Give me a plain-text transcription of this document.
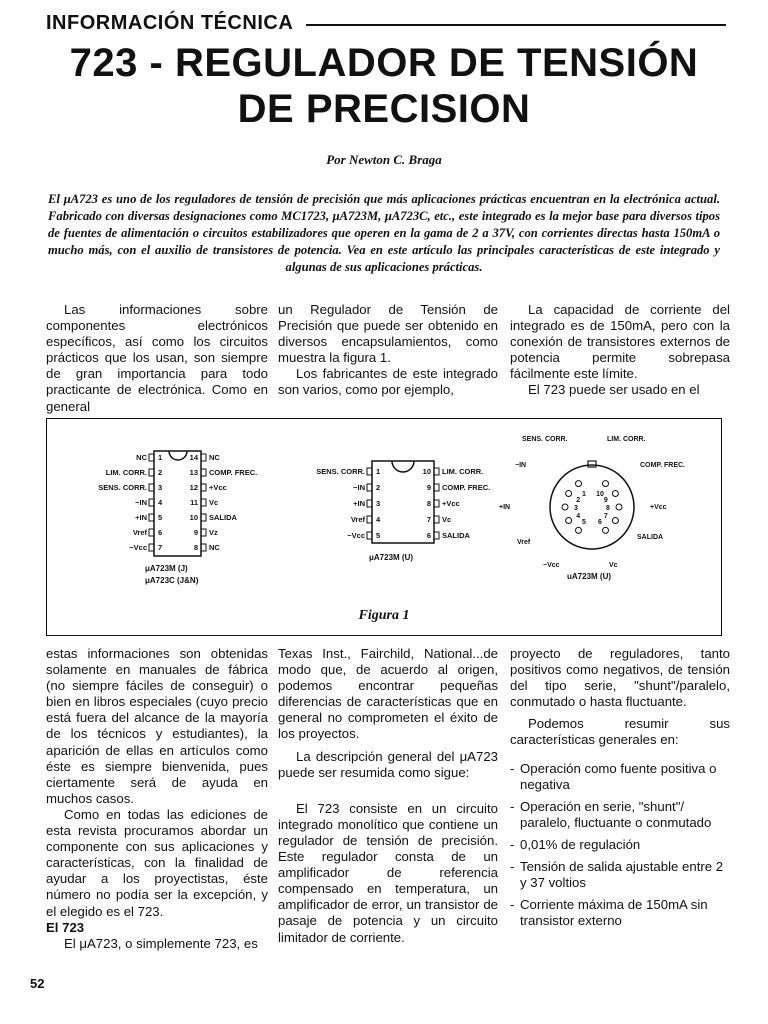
INFORMACIÓN TÉCNICA
723 - REGULADOR DE TENSIÓN
DE PRECISION
Por Newton C. Braga
El μA723 es uno de los reguladores de tensión de precisión que más aplicaciones prácticas encuentran en la electrónica actual. Fabricado con diversas designaciones como MC1723, μA723M, μA723C, etc., este integrado es la mejor base para diversos tipos de fuentes de alimentación o circuitos estabilizadores que operen en la gama de 2 a 37V, con corrientes directas hasta 150mA o mucho más, con el auxilio de transistores de potencia. Vea en este artículo las principales características de este integrado y algunas de sus aplicaciones prácticas.

Las informaciones sobre componentes electrónicos específicos, así como los circuitos prácticos que los usan, son siempre de gran importancia para todo practicante de electrónica. Como en general

un Regulador de Tensión de Precisión que puede ser obtenido en diversos encapsulamientos, como muestra la figura 1.

Los fabricantes de este integrado son varios, como por ejemplo,

La capacidad de corriente del integrado es de 150mA, pero con la conexión de transistores externos de potencia permite sobrepasa fácilmente este límite.

El 723 puede ser usado en el

NC 1
LIM. CORR. 2
SENS. CORR. 3
−IN 4
+IN 5
Vref 6
−Vcc 7
NC
14
COMP. FREC.
13
+Vcc
12
Vc
11
SALIDA
10
Vz
9
NC
8
μA723M (J)
μA723C (J&N)
SENS. CORR. 1
−IN 2
+IN 3
Vref 4
−Vcc 5
LIM. CORR.
10
COMP. FREC.
9
+Vcc
8
Vc
7
SALIDA
6
μA723M (U)
1
SENS. CORR.
2
LIM. CORR.
3
−IN
4
COMP. FREC.
5
+IN
6
+Vcc
7
Vref
8
SALIDA
9
−Vcc
10
Vc
uA723M (U)
Figura 1

estas informaciones son obtenidas solamente en manuales de fábrica (no siempre fáciles de conseguir) o bien en libros especiales (cuyo precio está fuera del alcance de la mayoría de los técnicos y estudiantes), la aparición de ellas en artículos como éste es siempre bienvenida, pues ciertamente será de ayuda en muchos casos.

Como en todas las ediciones de esta revista procuramos abordar un componente con sus aplicaciones y características, con la finalidad de ayudar a los proyectistas, éste número no podía ser la excepción, y el elegido es el 723.

El 723

El μA723, o simplemente 723, es

Texas Inst., Fairchild, National...de modo que, de acuerdo al origen, podemos encontrar pequeñas diferencias de características que en general no comprometen el éxito de los proyectos.

La descripción general del μA723 puede ser resumida como sigue:

El 723 consiste en un circuito integrado monolítico que contiene un regulador de tensión de precisión. Este regulador consta de un amplificador de referencia compensado en temperatura, un amplificador de error, un transistor de pasaje de potencia y un circuito limitador de corriente.

proyecto de reguladores, tanto positivos como negativos, de tensión del tipo serie, "shunt"/paralelo, conmutado o hasta fluctuante.

Podemos resumir sus características generales en:

- Operación como fuente positiva o negativa
- Operación en serie, "shunt"/ paralelo, fluctuante o conmutado
- 0,01% de regulación
- Tensión de salida ajustable entre 2 y 37 voltios
- Corriente máxima de 150mA sin transistor externo
52
